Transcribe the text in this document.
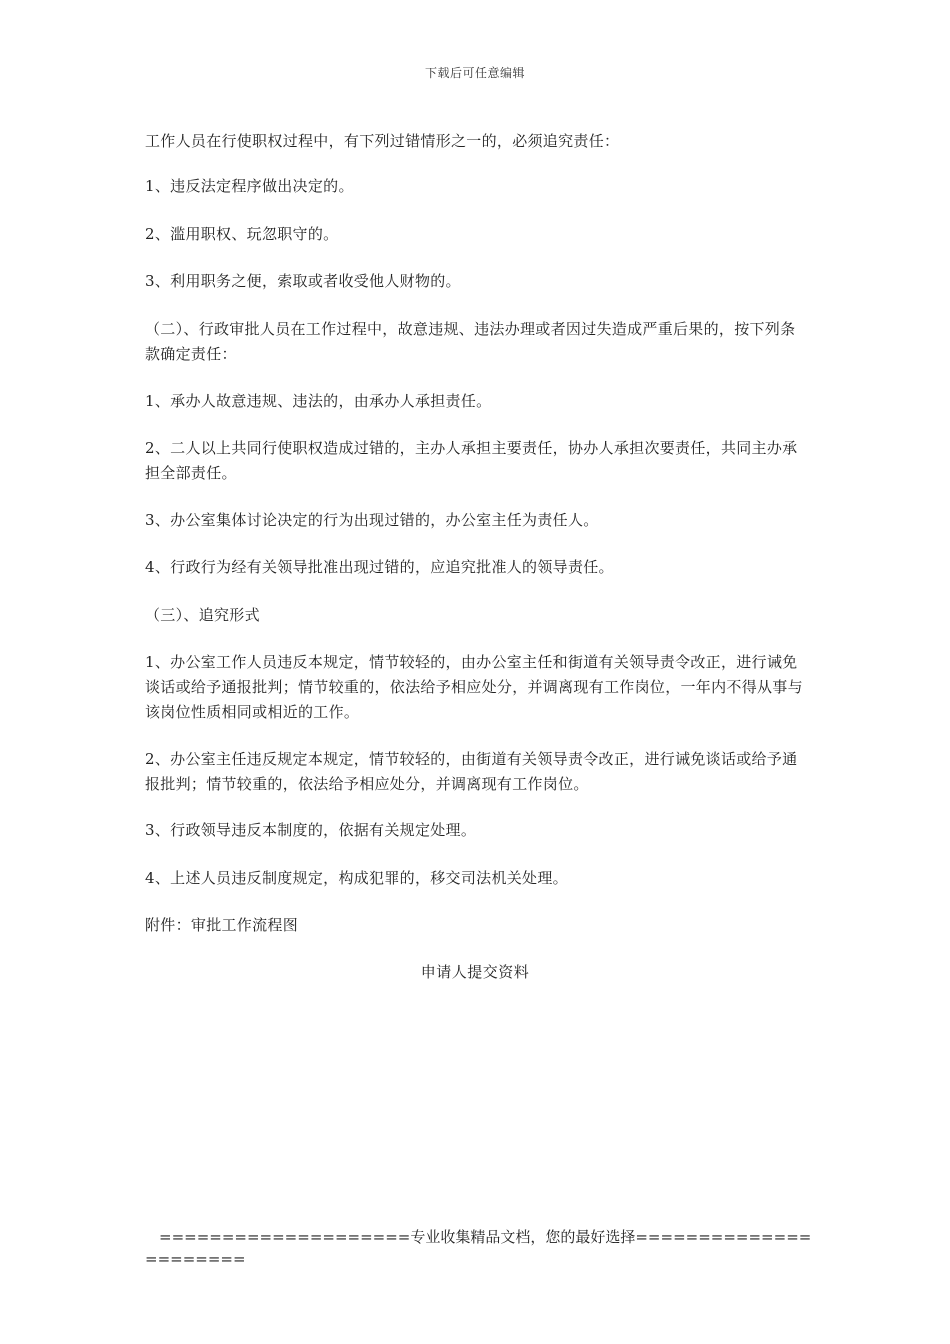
下载后可任意编辑
工作人员在行使职权过程中，有下列过错情形之一的，必须追究责任：
1、违反法定程序做出决定的。
2、滥用职权、玩忽职守的。
3、利用职务之便，索取或者收受他人财物的。
（二）、行政审批人员在工作过程中，故意违规、违法办理或者因过失造成严重后果的，按下列条款确定责任：
1、承办人故意违规、违法的，由承办人承担责任。
2、二人以上共同行使职权造成过错的，主办人承担主要责任，协办人承担次要责任，共同主办承担全部责任。
3、办公室集体讨论决定的行为出现过错的，办公室主任为责任人。
4、行政行为经有关领导批准出现过错的，应追究批准人的领导责任。
（三）、追究形式
1、办公室工作人员违反本规定，情节较轻的，由办公室主任和街道有关领导责令改正，进行诫免谈话或给予通报批判；情节较重的，依法给予相应处分，并调离现有工作岗位，一年内不得从事与该岗位性质相同或相近的工作。
2、办公室主任违反规定本规定，情节较轻的，由街道有关领导责令改正，进行诫免谈话或给予通报批判；情节较重的，依法给予相应处分，并调离现有工作岗位。
3、行政领导违反本制度的，依据有关规定处理。
4、上述人员违反制度规定，构成犯罪的，移交司法机关处理。
附件：审批工作流程图
申请人提交资料
====================专业收集精品文档，您的最好选择======================
